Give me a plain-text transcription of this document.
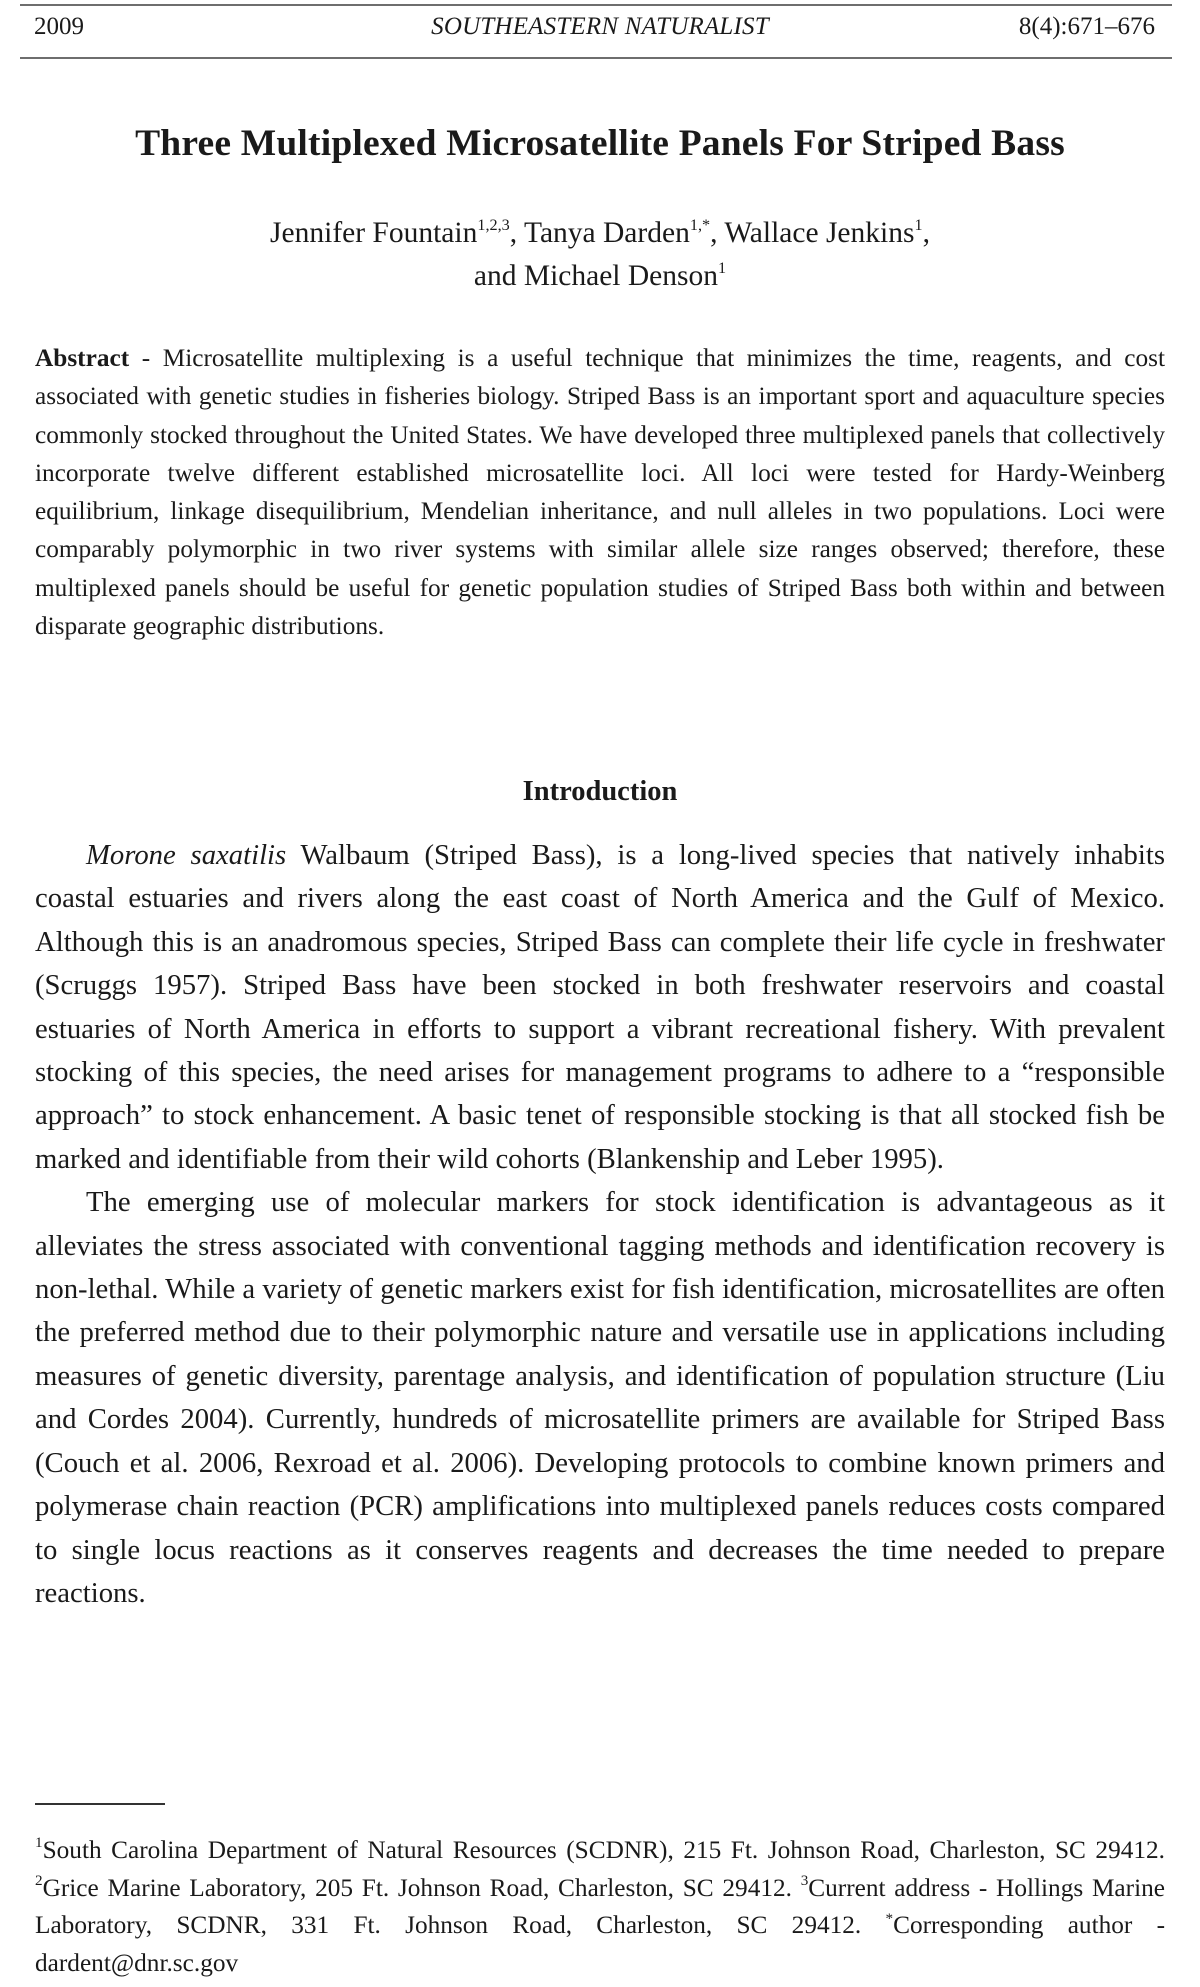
2009	SOUTHEASTERN NATURALIST	8(4):671–676
Three Multiplexed Microsatellite Panels For Striped Bass
Jennifer Fountain$^{1,2,3}$, Tanya Darden$^{1,*}$, Wallace Jenkins$^1$,
and Michael Denson$^1$
Abstract - Microsatellite multiplexing is a useful technique that minimizes the time, reagents, and cost associated with genetic studies in fisheries biology. Striped Bass is an important sport and aquaculture species commonly stocked throughout the United States. We have developed three multiplexed panels that collectively incorporate twelve different established microsatellite loci. All loci were tested for Hardy-Weinberg equilibrium, linkage disequilibrium, Mendelian inheritance, and null alleles in two populations. Loci were comparably polymorphic in two river systems with similar allele size ranges observed; therefore, these multiplexed panels should be useful for genetic population studies of Striped Bass both within and between disparate geographic distributions.
Introduction

Morone saxatilis Walbaum (Striped Bass), is a long-lived species that natively inhabits coastal estuaries and rivers along the east coast of North America and the Gulf of Mexico. Although this is an anadromous species, Striped Bass can complete their life cycle in freshwater (Scruggs 1957). Striped Bass have been stocked in both freshwater reservoirs and coastal estuaries of North America in efforts to support a vibrant recreational fishery. With prevalent stocking of this species, the need arises for management programs to adhere to a “responsible approach” to stock enhancement. A basic tenet of responsible stocking is that all stocked fish be marked and identifiable from their wild cohorts (Blankenship and Leber 1995).

The emerging use of molecular markers for stock identification is advantageous as it alleviates the stress associated with conventional tagging methods and identification recovery is non-lethal. While a variety of genetic markers exist for fish identification, microsatellites are often the preferred method due to their polymorphic nature and versatile use in applications including measures of genetic diversity, parentage analysis, and identification of population structure (Liu and Cordes 2004). Currently, hundreds of microsatellite primers are available for Striped Bass (Couch et al. 2006, Rexroad et al. 2006). Developing protocols to combine known primers and polymerase chain reaction (PCR) amplifications into multiplexed panels reduces costs compared to single locus reactions as it conserves reagents and decreases the time needed to prepare reactions.

$^1$South Carolina Department of Natural Resources (SCDNR), 215 Ft. Johnson Road, Charleston, SC 29412. $^2$Grice Marine Laboratory, 205 Ft. Johnson Road, Charleston, SC 29412. $^3$Current address - Hollings Marine Laboratory, SCDNR, 331 Ft. Johnson Road, Charleston, SC 29412. *Corresponding author - dardent@dnr.sc.gov
